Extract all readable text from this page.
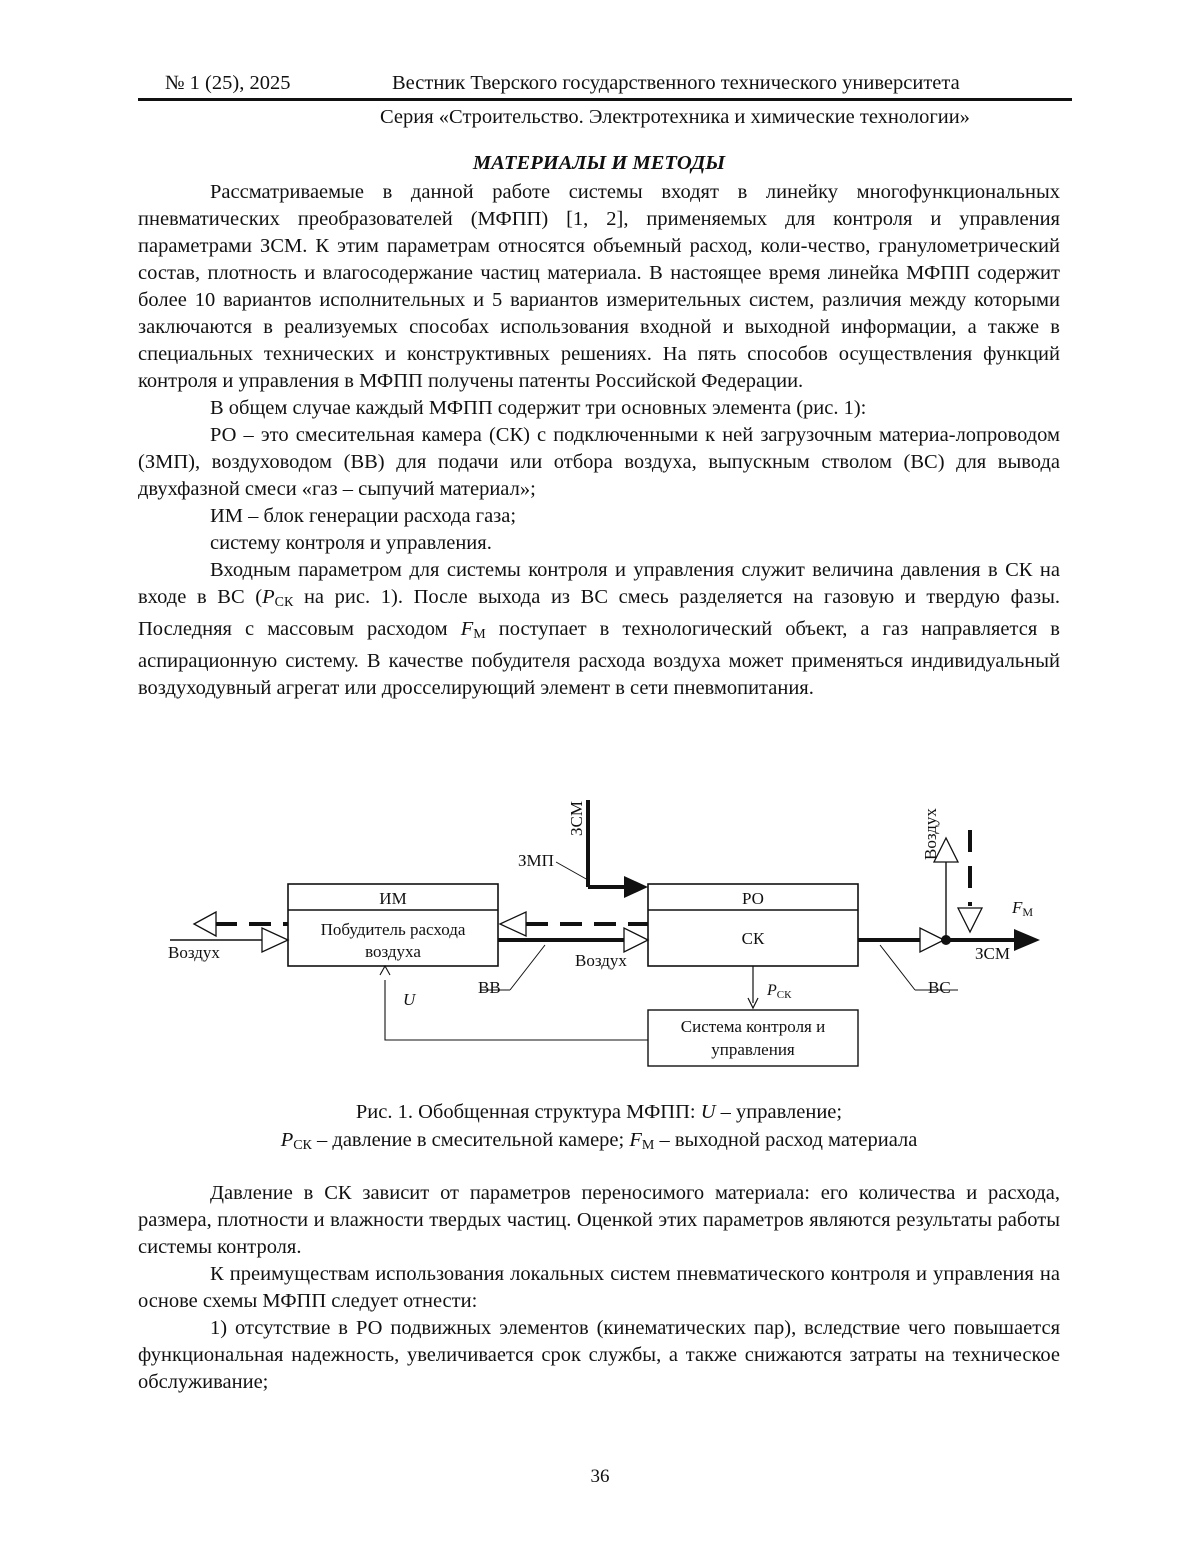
№ 1 (25), 2025	Вестник Тверского государственного технического университета
Серия «Строительство. Электротехника и химические технологии»

МАТЕРИАЛЫ И МЕТОДЫ

Рассматриваемые в данной работе системы входят в линейку многофункциональных пневматических преобразователей (МФПП) [1, 2], применяемых для контроля и управления параметрами ЗСМ. К этим параметрам относятся объемный расход, коли-чество, гранулометрический состав, плотность и влагосодержание частиц материала. В настоящее время линейка МФПП содержит более 10 вариантов исполнительных и 5 вариантов измерительных систем, различия между которыми заключаются в реализуемых способах использования входной и выходной информации, а также в специальных технических и конструктивных решениях. На пять способов осуществления функций контроля и управления в МФПП получены патенты Российской Федерации.

В общем случае каждый МФПП содержит три основных элемента (рис. 1):

РО – это смесительная камера (СК) с подключенными к ней загрузочным материа-лопроводом (ЗМП), воздуховодом (ВВ) для подачи или отбора воздуха, выпускным стволом (ВС) для вывода двухфазной смеси «газ – сыпучий материал»;

ИМ – блок генерации расхода газа;

систему контроля и управления.

Входным параметром для системы контроля и управления служит величина давления в СК на входе в ВС ($P_{СК}$ на рис. 1). После выхода из ВС смесь разделяется на газовую и твердую фазы. Последняя с массовым расходом $F_М$ поступает в технологический объект, а газ направляется в аспирационную систему. В качестве побудителя расхода воздуха может применяться индивидуальный воздуходувный агрегат или дросселирующий элемент в сети пневмопитания.

ИМ
Побудитель расхода
воздуха
РО
СК
Система контроля и
управления
Воздух	Воздух
ВВ
ЗСМ
ЗМП
ЗСМ
FМ
Воздух
ВС
PСК
U
Рис. 1. Обобщенная структура МФПП: U – управление;
$P_{СК}$ – давление в смесительной камере; $F_М$ – выходной расход материала

Давление в СК зависит от параметров переносимого материала: его количества и расхода, размера, плотности и влажности твердых частиц. Оценкой этих параметров являются результаты работы системы контроля.

К преимуществам использования локальных систем пневматического контроля и управления на основе схемы МФПП следует отнести:

1) отсутствие в РО подвижных элементов (кинематических пар), вследствие чего повышается функциональная надежность, увеличивается срок службы, а также снижаются затраты на техническое обслуживание;

36
